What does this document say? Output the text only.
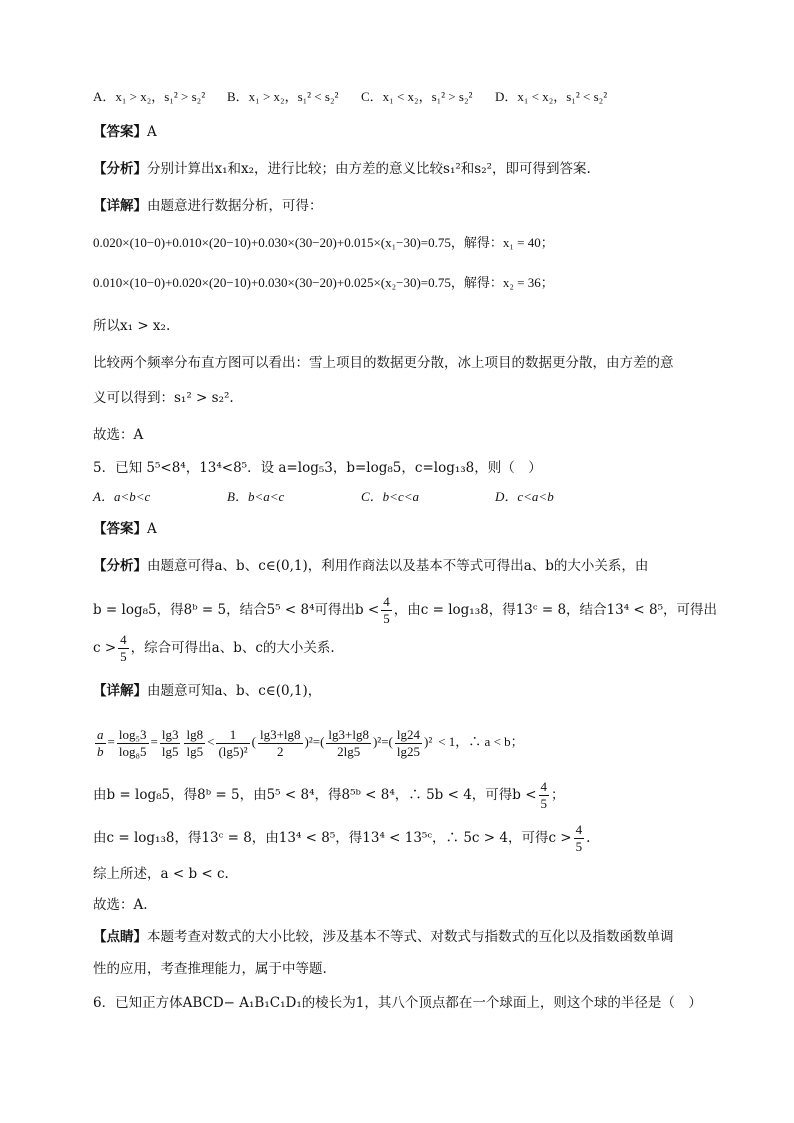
A．x₁ > x₂，s₁² > s₂² B．x₁ > x₂，s₁² < s₂² C．x₁ < x₂，s₁² > s₂² D．x₁ < x₂，s₁² < s₂²
【答案】A
【分析】分别计算出x₁和x₂，进行比较；由方差的意义比较s₁²和s₂²，即可得到答案.
【详解】由题意进行数据分析，可得：
0.020×(10−0)+0.010×(20−10)+0.030×(30−20)+0.015×(x₁−30)=0.75，解得：x₁ = 40；
0.010×(10−0)+0.020×(20−10)+0.030×(30−20)+0.025×(x₂−30)=0.75，解得：x₂ = 36；
所以x₁ > x₂.
比较两个频率分布直方图可以看出：雪上项目的数据更分散，冰上项目的数据更分散，由方差的意
义可以得到：s₁² > s₂².
故选：A
5．已知 5⁵<8⁴，13⁴<8⁵．设 a=log₅3，b=log₈5，c=log₁₃8，则（　）
A．a<b<c	B．b<a<c	C．b<c<a	D．c<a<b
【答案】A
【分析】由题意可得a、b、c∈(0,1)，利用作商法以及基本不等式可得出a、b的大小关系，由
b = log₈5，得8ᵇ = 5，结合5⁵ < 8⁴可得出$b < \frac{4}{5}$ ，由c = log₁₃8，得13ᶜ = 8，结合13⁴ < 8⁵，可得出
$c > \frac{4}{5}$ ，综合可得出a、b、c的大小关系.
【详解】由题意可知a、b、c∈(0,1)，
$\frac{a}{b} = \frac{\text{log₅3}}{\text{log₈5}} = \frac{\lg 3}{\lg 5} \frac{\lg 8}{\lg 5} < \frac{1}{\text{(lg5)²}}$ ( $\frac{\lg 3+\lg 8}{2} )^2=( \frac{\lg 3+\lg 8}{2\lg 5} )^2=( \frac{\lg 24}{\lg 25} )^2 < 1$，∴ a < b；
由b = log₈5，得8ᵇ = 5，由5⁵ < 8⁴，得8⁵ᵇ < 8⁴，∴ 5b < 4，可得$b < \frac{4}{5}$ ；
由c = log₁₃8，得13ᶜ = 8，由13⁴ < 8⁵，得13⁴ < 13⁵ᶜ，∴ 5c > 4，可得$c > \frac{4}{5}$ .
综上所述，a < b < c.
故选：A.
【点睛】本题考查对数式的大小比较，涉及基本不等式、对数式与指数式的互化以及指数函数单调
性的应用，考查推理能力，属于中等题.
6．已知正方体ABCD− A₁B₁C₁D₁的棱长为1，其八个顶点都在一个球面上，则这个球的半径是（　）
